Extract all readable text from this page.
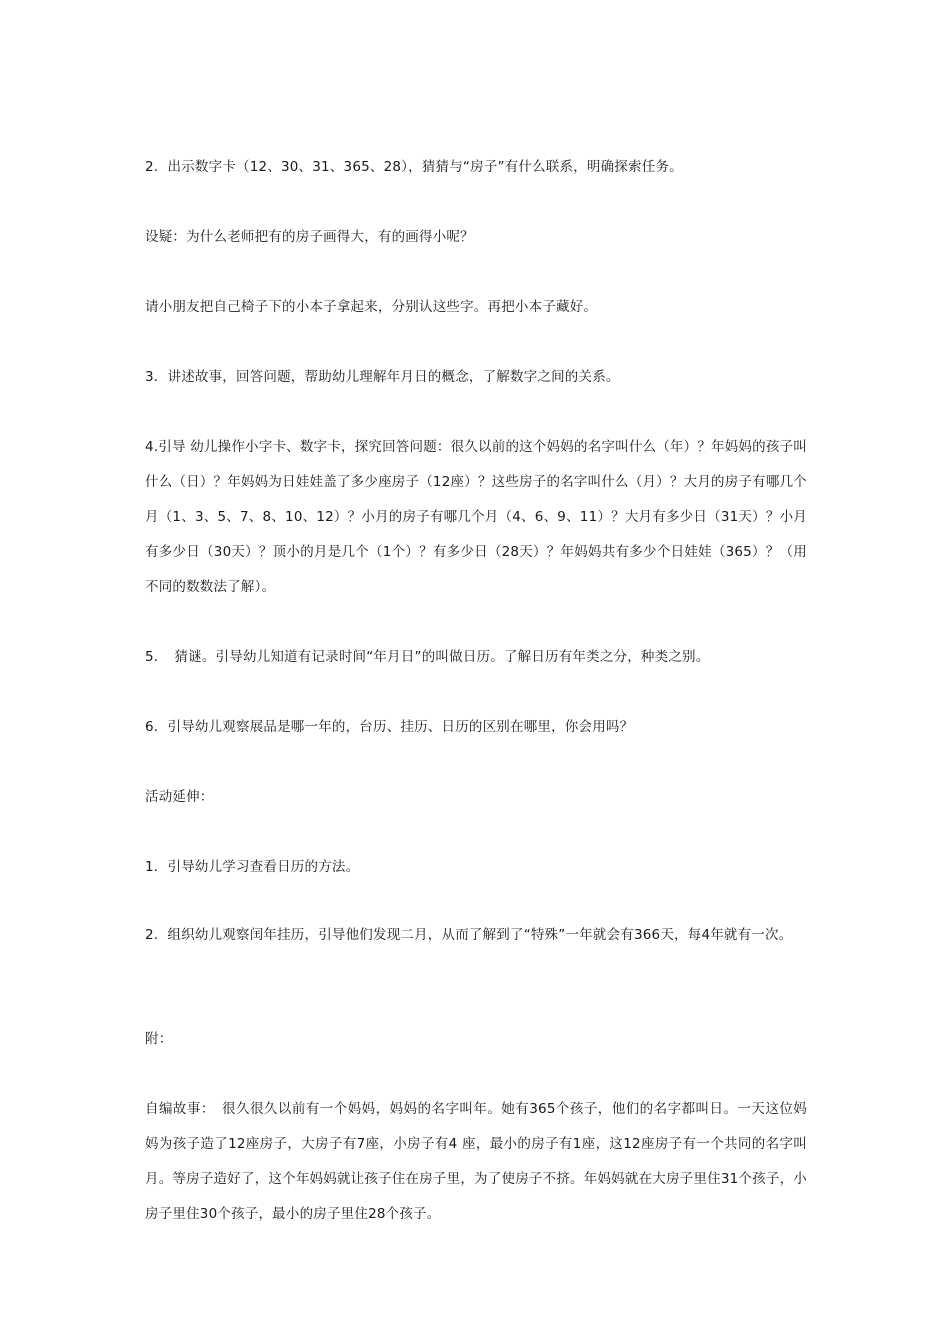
2．出示数字卡（12、30、31、365、28），猜猜与“房子”有什么联系，明确探索任务。

设疑：为什么老师把有的房子画得大，有的画得小呢？

请小朋友把自己椅子下的小本子拿起来，分别认这些字。再把小本子藏好。

3．讲述故事，回答问题，帮助幼儿理解年月日的概念，了解数字之间的关系。

4.引导 幼儿操作小字卡、数字卡，探究回答问题：很久以前的这个妈妈的名字叫什么（年）？年妈妈的孩子叫什么（日）？年妈妈为日娃娃盖了多少座房子（12座）？这些房子的名字叫什么（月）？大月的房子有哪几个月（1、3、5、7、8、10、12）？小月的房子有哪几个月（4、6、9、11）？大月有多少日（31天）？小月有多少日（30天）？顶小的月是几个（1个）？有多少日（28天）？年妈妈共有多少个日娃娃（365）？（用不同的数数法了解）。

5．　猜谜。引导幼儿知道有记录时间“年月日”的叫做日历。了解日历有年类之分，种类之别。

6．引导幼儿观察展品是哪一年的，台历、挂历、日历的区别在哪里，你会用吗？

活动延伸：

1．引导幼儿学习查看日历的方法。

2．组织幼儿观察闰年挂历，引导他们发现二月，从而了解到了“特殊”一年就会有366天，每4年就有一次。

附：

自编故事：　很久很久以前有一个妈妈，妈妈的名字叫年。她有365个孩子，他们的名字都叫日。一天这位妈妈为孩子造了12座房子，大房子有7座，小房子有4 座，最小的房子有1座，这12座房子有一个共同的名字叫月。等房子造好了，这个年妈妈就让孩子住在房子里，为了使房子不挤。年妈妈就在大房子里住31个孩子，小房子里住30个孩子，最小的房子里住28个孩子。
